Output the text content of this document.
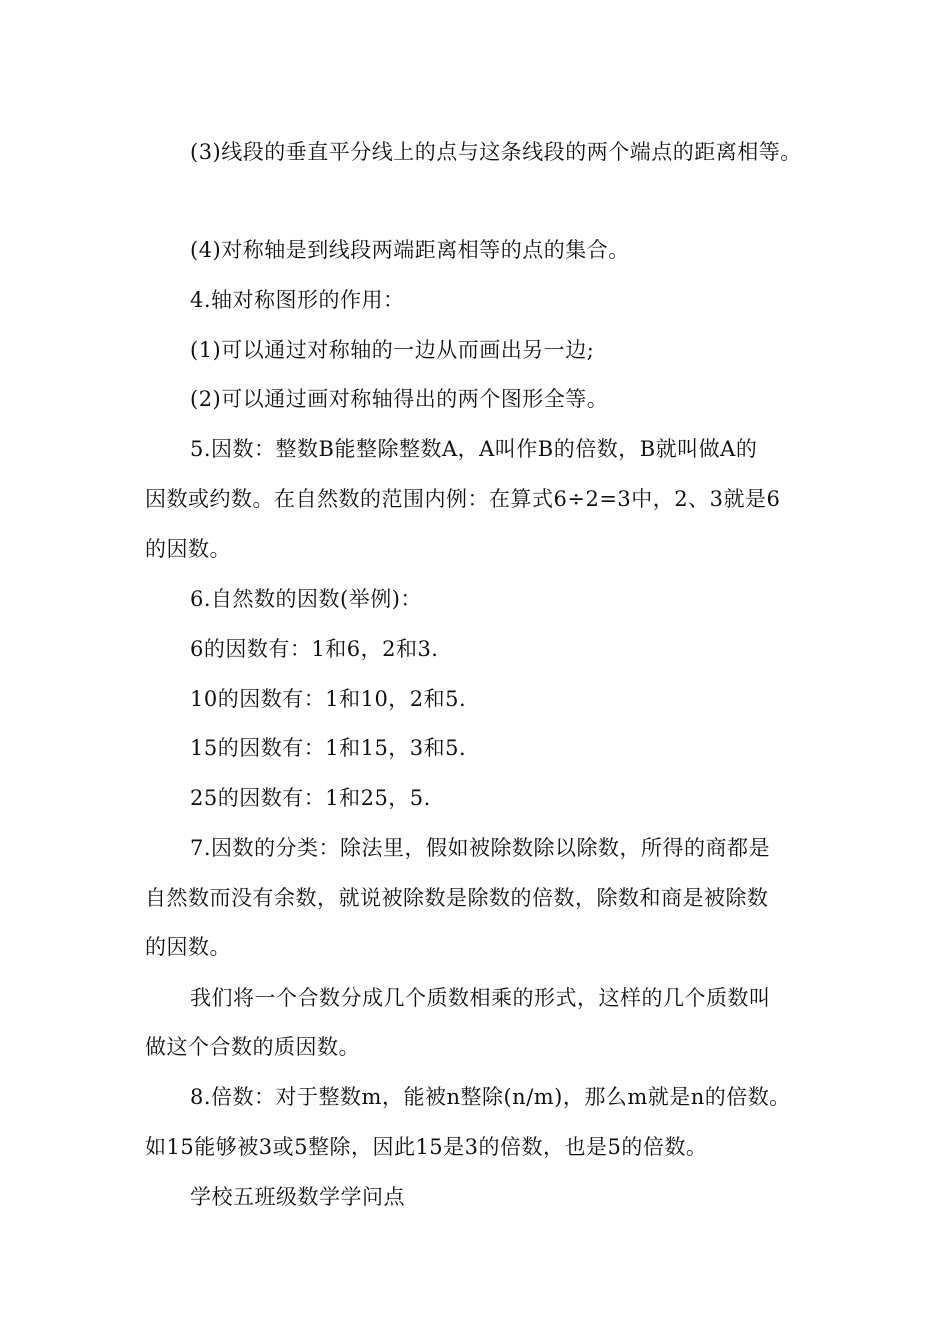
(3)线段的垂直平分线上的点与这条线段的两个端点的距离相等。
(4)对称轴是到线段两端距离相等的点的集合。
4.轴对称图形的作用：
(1)可以通过对称轴的一边从而画出另一边;
(2)可以通过画对称轴得出的两个图形全等。
5.因数：整数B能整除整数A，A叫作B的倍数，B就叫做A的
因数或约数。在自然数的范围内例：在算式6÷2=3中，2、3就是6
的因数。
6.自然数的因数(举例)：
6的因数有：1和6，2和3.
10的因数有：1和10，2和5.
15的因数有：1和15，3和5.
25的因数有：1和25，5.
7.因数的分类：除法里，假如被除数除以除数，所得的商都是
自然数而没有余数，就说被除数是除数的倍数，除数和商是被除数
的因数。
我们将一个合数分成几个质数相乘的形式，这样的几个质数叫
做这个合数的质因数。
8.倍数：对于整数m，能被n整除(n/m)，那么m就是n的倍数。
如15能够被3或5整除，因此15是3的倍数，也是5的倍数。
学校五班级数学学问点
